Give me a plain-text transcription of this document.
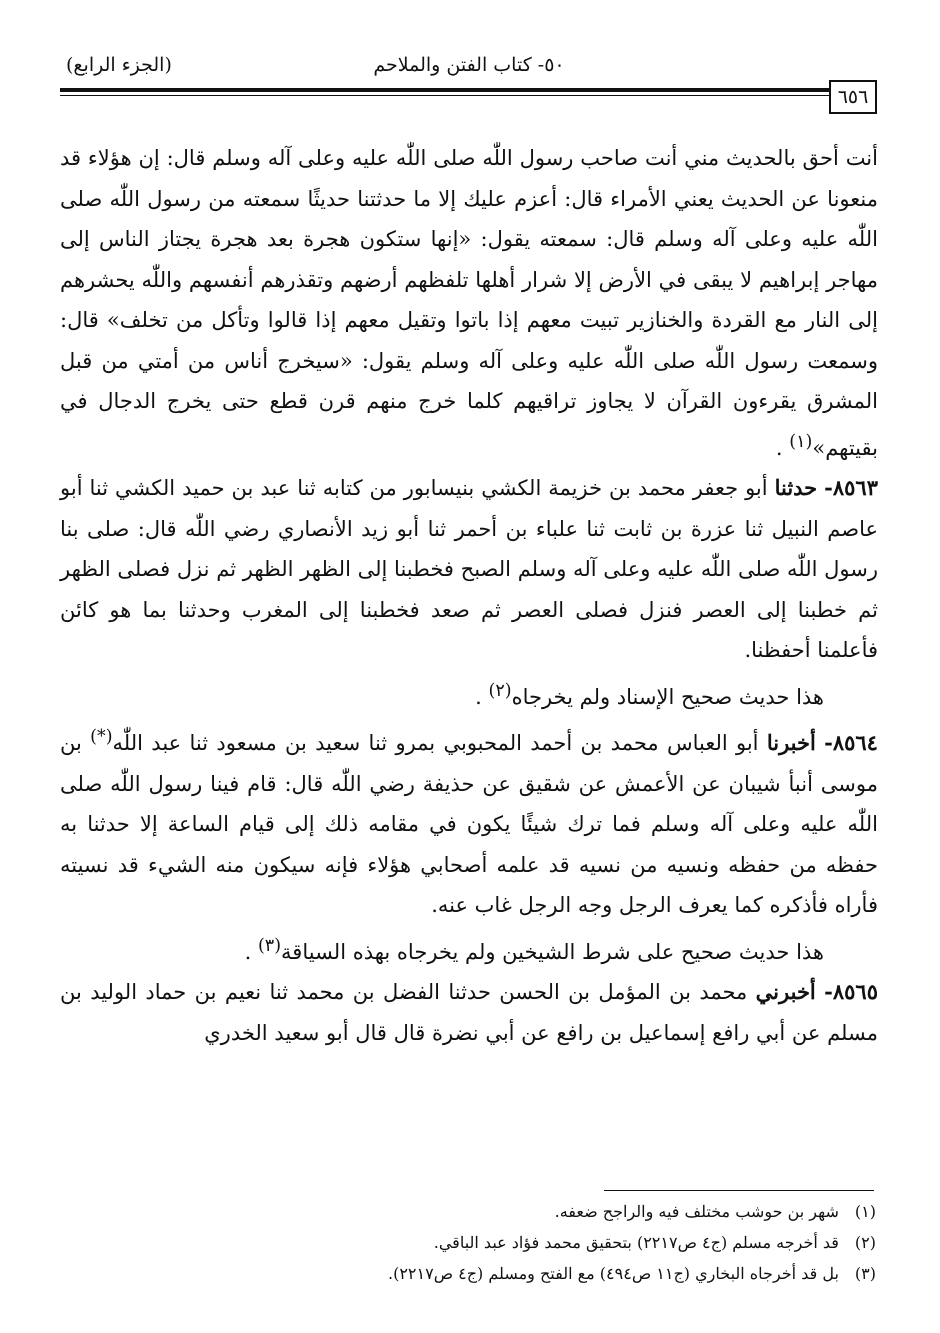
(الجزء الرابع)	٥٠- كتاب الفتن والملاحم
٦٥٦

أنت أحق بالحديث مني أنت صاحب رسول اللّٰه صلى اللّٰه عليه وعلى آله وسلم قال: إن هؤلاء قد منعونا عن الحديث يعني الأمراء قال: أعزم عليك إلا ما حدثتنا حديثًا سمعته من رسول اللّٰه صلى اللّٰه عليه وعلى آله وسلم قال: سمعته يقول: «إنها ستكون هجرة بعد هجرة يجتاز الناس إلى مهاجر إبراهيم لا يبقى في الأرض إلا شرار أهلها تلفظهم أرضهم وتقذرهم أنفسهم واللّٰه يحشرهم إلى النار مع القردة والخنازير تبيت معهم إذا باتوا وتقيل معهم إذا قالوا وتأكل من تخلف» قال: وسمعت رسول اللّٰه صلى اللّٰه عليه وعلى آله وسلم يقول: «سيخرج أناس من أمتي من قبل المشرق يقرءون القرآن لا يجاوز تراقيهم كلما خرج منهم قرن قطع حتى يخرج الدجال في بقيتهم»$^{(١)}$ .

٨٥٦٣- حدثنا أبو جعفر محمد بن خزيمة الكشي بنيسابور من كتابه ثنا عبد بن حميد الكشي ثنا أبو عاصم النبيل ثنا عزرة بن ثابت ثنا علباء بن أحمر ثنا أبو زيد الأنصاري رضي اللّٰه قال: صلى بنا رسول اللّٰه صلى اللّٰه عليه وعلى آله وسلم الصبح فخطبنا إلى الظهر الظهر ثم نزل فصلى الظهر ثم خطبنا إلى العصر فنزل فصلى العصر ثم صعد فخطبنا إلى المغرب وحدثنا بما هو كائن فأعلمنا أحفظنا.

هذا حديث صحيح الإسناد ولم يخرجاه$^{(٢)}$ .

٨٥٦٤- أخبرنا أبو العباس محمد بن أحمد المحبوبي بمرو ثنا سعيد بن مسعود ثنا عبد اللّٰه(*) بن موسى أنبأ شيبان عن الأعمش عن شقيق عن حذيفة رضي اللّٰه قال: قام فينا رسول اللّٰه صلى اللّٰه عليه وعلى آله وسلم فما ترك شيئًا يكون في مقامه ذلك إلى قيام الساعة إلا حدثنا به حفظه من حفظه ونسيه من نسيه قد علمه أصحابي هؤلاء فإنه سيكون منه الشيء قد نسيته فأراه فأذكره كما يعرف الرجل وجه الرجل غاب عنه.

هذا حديث صحيح على شرط الشيخين ولم يخرجاه بهذه السياقة$^{(٣)}$ .

٨٥٦٥- أخبرني محمد بن المؤمل بن الحسن حدثنا الفضل بن محمد ثنا نعيم بن حماد الوليد بن مسلم عن أبي رافع إسماعيل بن رافع عن أبي نضرة قال قال أبو سعيد الخدري

(١) شهر بن حوشب مختلف فيه والراجح ضعفه.
(٢) قد أخرجه مسلم (ج٤ ص٢٢١٧) بتحقيق محمد فؤاد عبد الباقي.
(٣) بل قد أخرجاه البخاري (ج١١ ص٤٩٤) مع الفتح ومسلم (ج٤ ص٢٢١٧).
